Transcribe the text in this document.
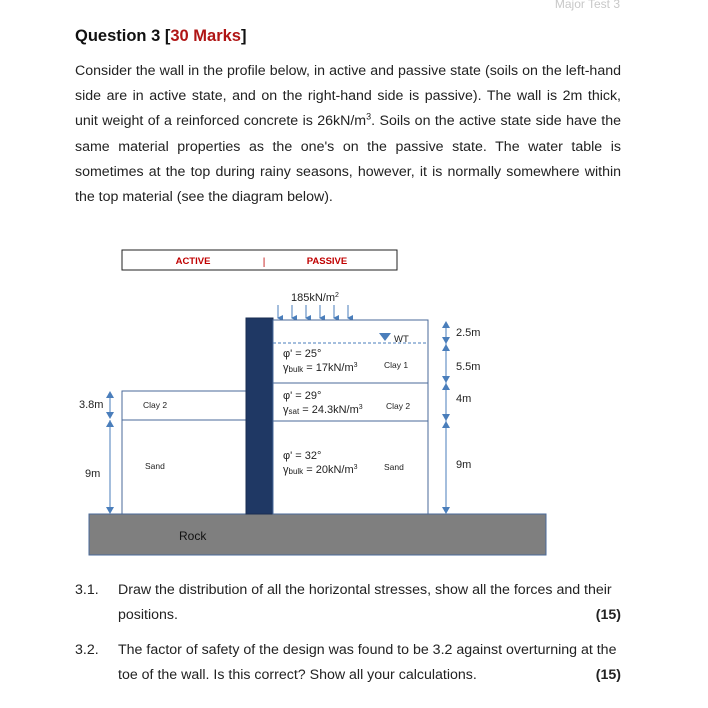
Major Test 3
Question 3 [30 Marks]
Consider the wall in the profile below, in active and passive state (soils on the left-hand side are in active state, and on the right-hand side is passive). The wall is 2m thick, unit weight of a reinforced concrete is $26kN/m^3$. Soils on the active state side have the same material properties as the one's on the passive state. The water table is sometimes at the top during rainy seasons, however, it is normally somewhere within the top material (see the diagram below).
ACTIVE	|	PASSIVE
$185kN/m^2$
Rock
Clay 2
Sand
3.8m
9m
WT
φ' = 25°
γbulk = $17kN/m^3$	Clay 1
φ' = 29°
$\gamma sat = 24.3kN/m^3$	Clay 2
φ' = 32°
γbulk = $20kN/m^3$	Sand
2.5m
5.5m
4m
9m
3.1. Draw the distribution of all the horizontal stresses, show all the forces and their positions.	(15)
3.2. The factor of safety of the design was found to be 3.2 against overturning at the toe of the wall. Is this correct? Show all your calculations.	(15)
